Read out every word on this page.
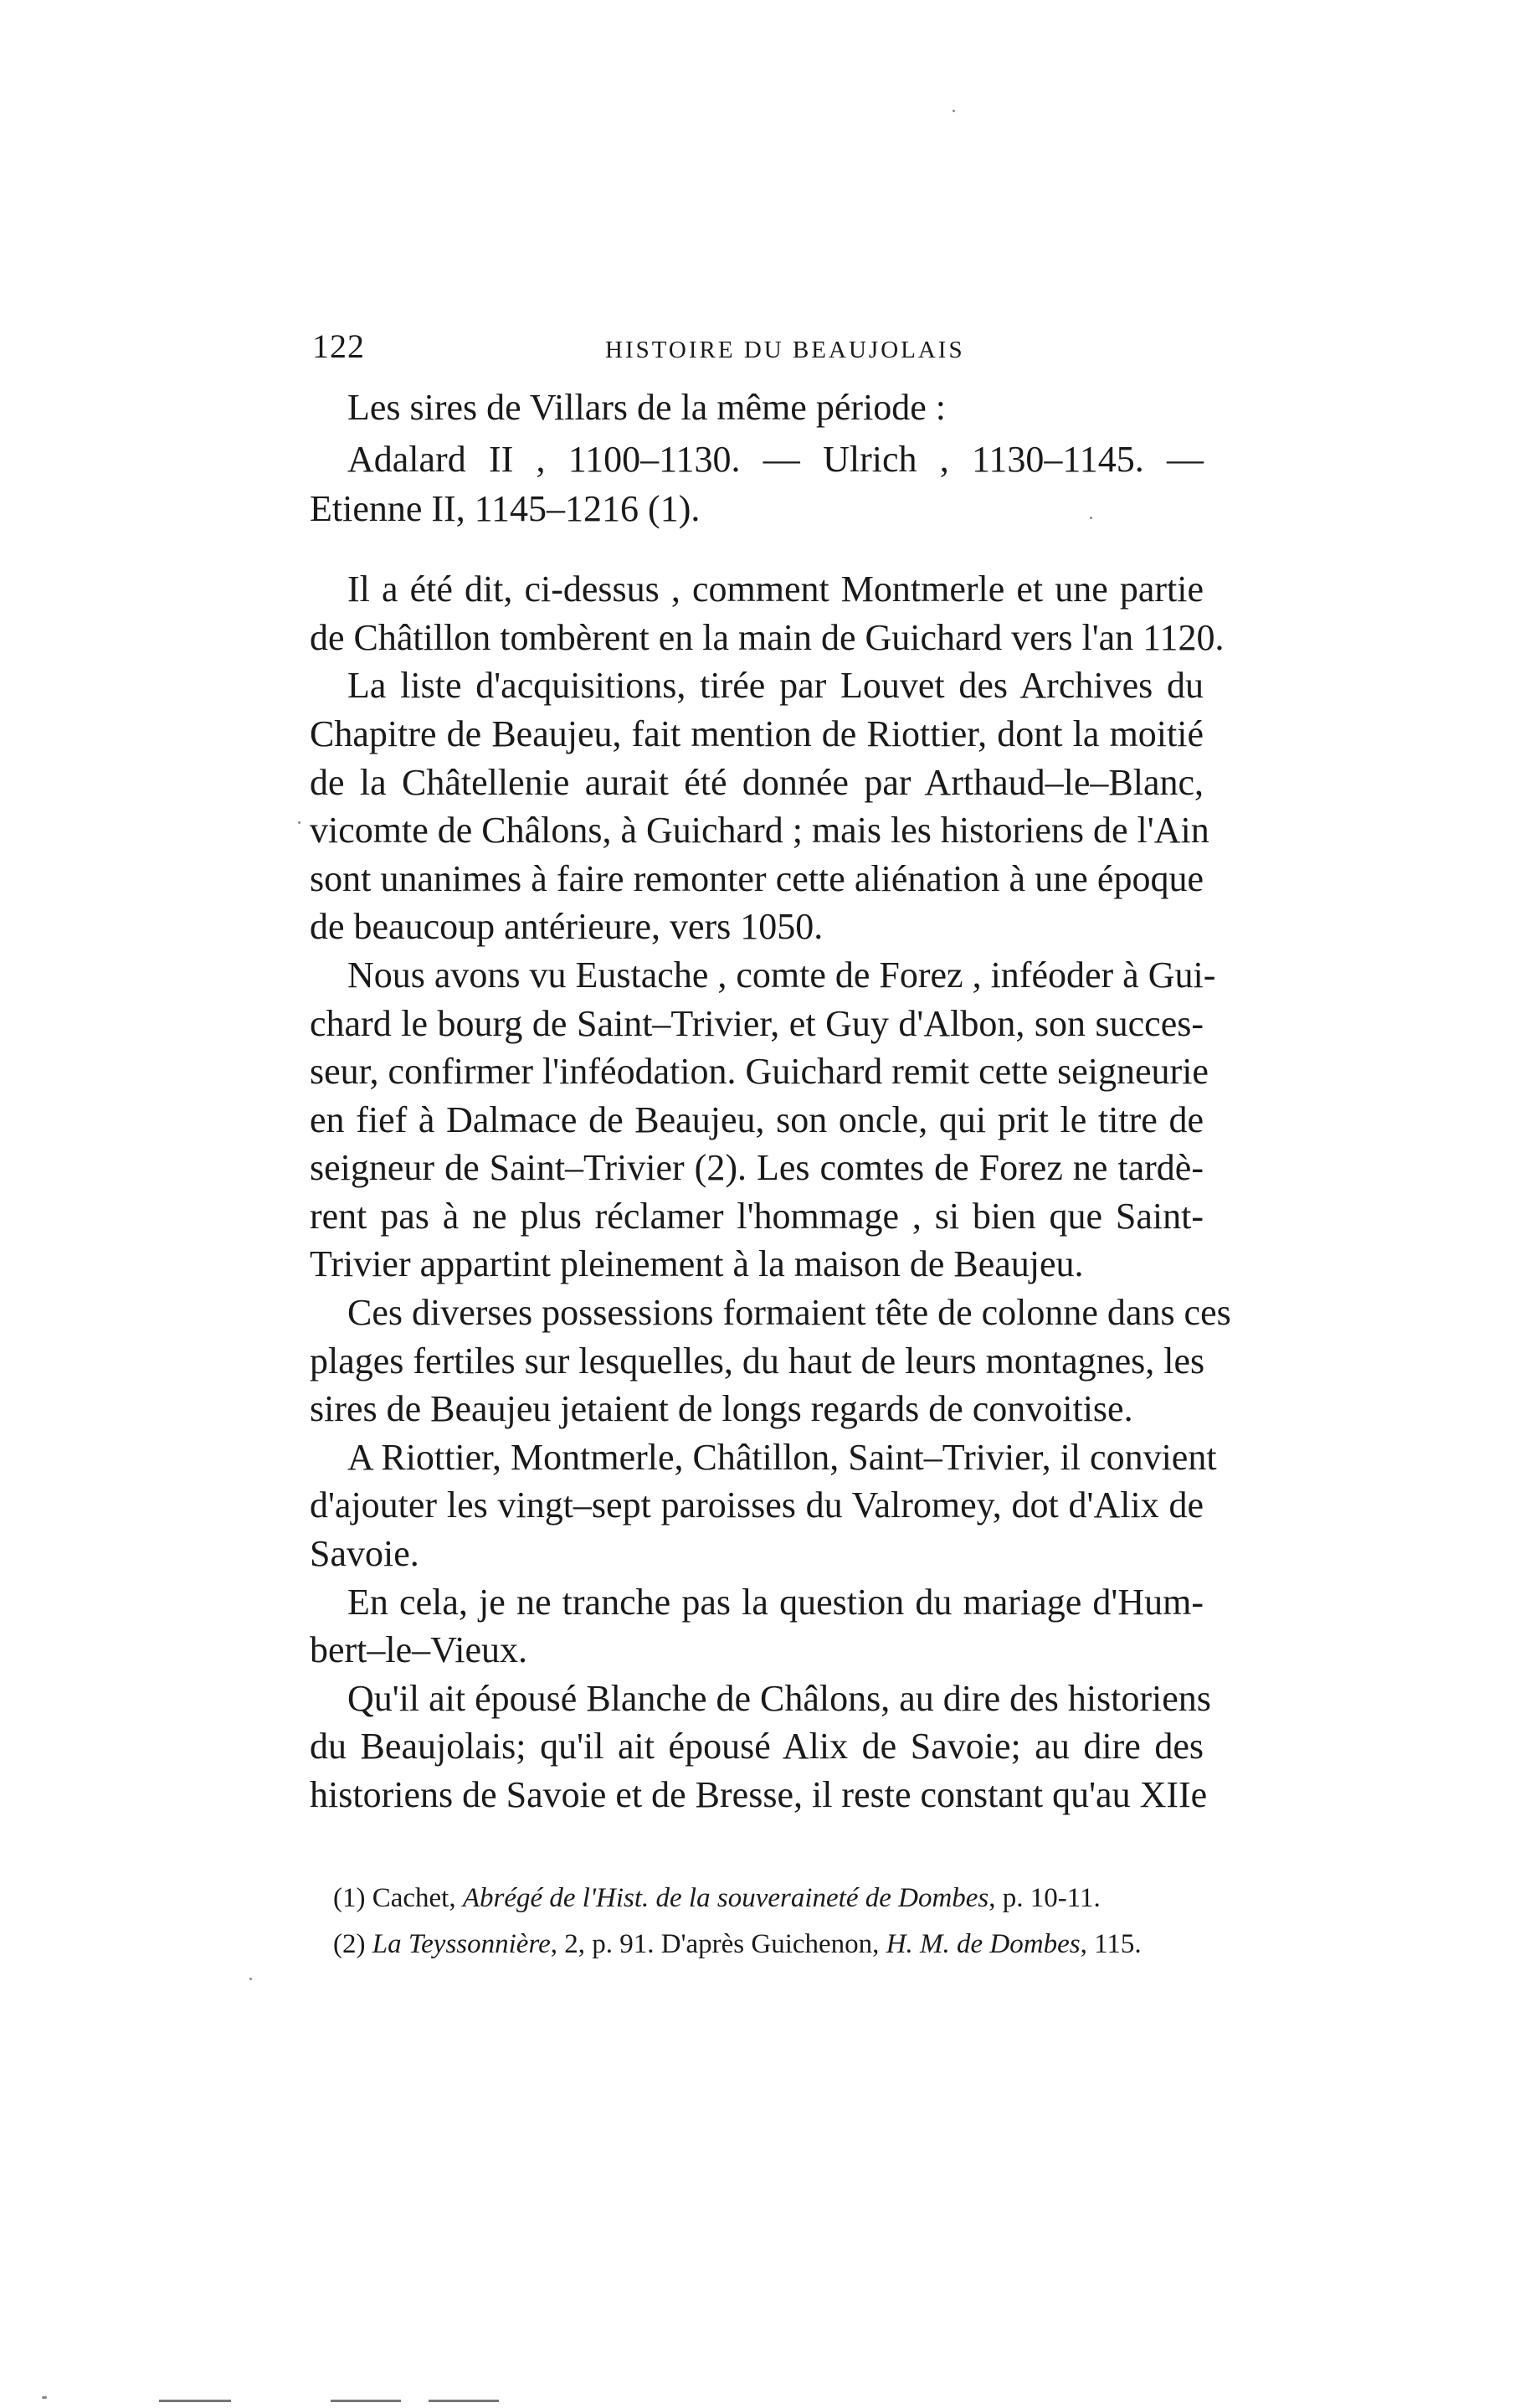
122	HISTOIRE DU BEAUJOLAIS
Les sires de Villars de la même période :
Adalard II , 1100–1130. — Ulrich , 1130–1145. —
Etienne II, 1145–1216 (1).
Il a été dit, ci-dessus , comment Montmerle et une partie
de Châtillon tombèrent en la main de Guichard vers l'an 1120.
La liste d'acquisitions, tirée par Louvet des Archives du
Chapitre de Beaujeu, fait mention de Riottier, dont la moitié
de la Châtellenie aurait été donnée par Arthaud–le–Blanc,
vicomte de Châlons, à Guichard ; mais les historiens de l'Ain
sont unanimes à faire remonter cette aliénation à une époque
de beaucoup antérieure, vers 1050.
Nous avons vu Eustache , comte de Forez , inféoder à Gui-
chard le bourg de Saint–Trivier, et Guy d'Albon, son succes-
seur, confirmer l'inféodation. Guichard remit cette seigneurie
en fief à Dalmace de Beaujeu, son oncle, qui prit le titre de
seigneur de Saint–Trivier (2). Les comtes de Forez ne tardè-
rent pas à ne plus réclamer l'hommage , si bien que Saint-
Trivier appartint pleinement à la maison de Beaujeu.
Ces diverses possessions formaient tête de colonne dans ces
plages fertiles sur lesquelles, du haut de leurs montagnes, les
sires de Beaujeu jetaient de longs regards de convoitise.
A Riottier, Montmerle, Châtillon, Saint–Trivier, il convient
d'ajouter les vingt–sept paroisses du Valromey, dot d'Alix de
Savoie.
En cela, je ne tranche pas la question du mariage d'Hum-
bert–le–Vieux.
Qu'il ait épousé Blanche de Châlons, au dire des historiens
du Beaujolais; qu'il ait épousé Alix de Savoie; au dire des
historiens de Savoie et de Bresse, il reste constant qu'au XIIe
(1) Cachet, Abrégé de l'Hist. de la souveraineté de Dombes, p. 10-11.
(2) La Teyssonnière, 2, p. 91. D'après Guichenon, H. M. de Dombes, 115.
